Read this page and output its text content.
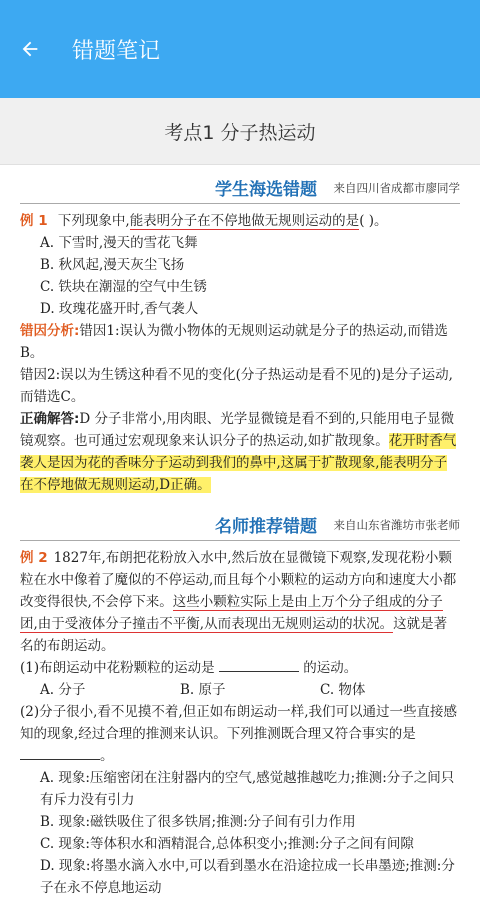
错题笔记
考点1 分子热运动
学生海选错题 来自四川省成都市廖同学
例 1 下列现象中,能表明分子在不停地做无规则运动的是( )。
A. 下雪时,漫天的雪花飞舞
B. 秋风起,漫天灰尘飞扬
C. 铁块在潮湿的空气中生锈
D. 玫瑰花盛开时,香气袭人
错因分析:错因1:误认为微小物体的无规则运动就是分子的热运动,而错选B。
错因2:误以为生锈这种看不见的变化(分子热运动是看不见的)是分子运动,而错选C。
正确解答:D 分子非常小,用肉眼、光学显微镜是看不到的,只能用电子显微镜观察。也可通过宏观现象来认识分子的热运动,如扩散现象。花开时香气袭人是因为花的香味分子运动到我们的鼻中,这属于扩散现象,能表明分子在不停地做无规则运动,D正确。
名师推荐错题 来自山东省潍坊市张老师
例 2 1827年,布朗把花粉放入水中,然后放在显微镜下观察,发现花粉小颗粒在水中像着了魔似的不停运动,而且每个小颗粒的运动方向和速度大小都改变得很快,不会停下来。这些小颗粒实际上是由上万个分子组成的分子团,由于受液体分子撞击不平衡,从而表现出无规则运动的状况。这就是著名的布朗运动。
(1)布朗运动中花粉颗粒的运动是	的运动。
A. 分子	B. 原子	C. 物体
(2)分子很小,看不见摸不着,但正如布朗运动一样,我们可以通过一些直接感知的现象,经过合理的推测来认识。下列推测既合理又符合事实的是 。
A. 现象:压缩密闭在注射器内的空气,感觉越推越吃力;推测:分子之间只有斥力没有引力
B. 现象:磁铁吸住了很多铁屑;推测:分子间有引力作用
C. 现象:等体积水和酒精混合,总体积变小;推测:分子之间有间隙
D. 现象:将墨水滴入水中,可以看到墨水在沿途拉成一长串墨迹;推测:分子在永不停息地运动
